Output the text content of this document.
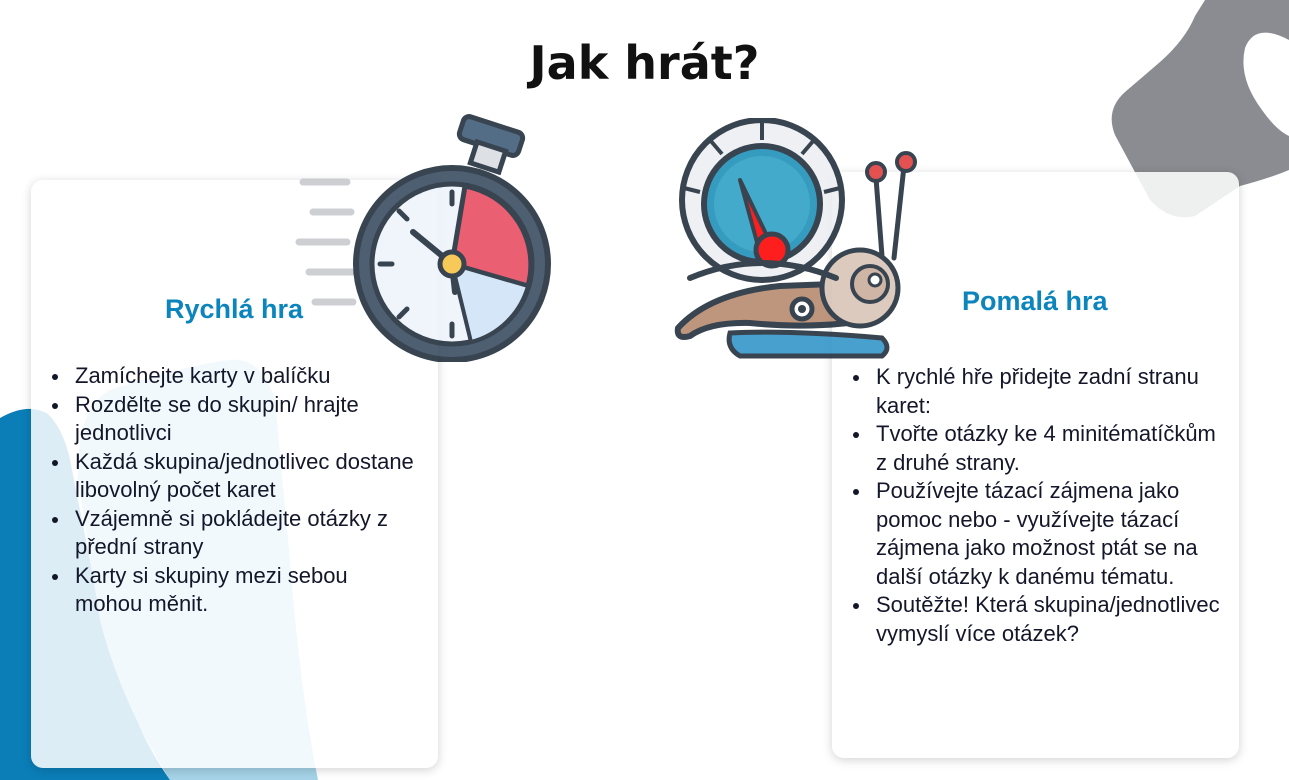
Jak hrát?
Rychlá hra
Zamíchejte karty v balíčku
Rozdělte se do skupin/ hrajte jednotlivci
Každá skupina/jednotlivec dostane libovolný počet karet
Vzájemně si pokládejte otázky z přední strany
Karty si skupiny mezi sebou mohou měnit.
Pomalá hra
K rychlé hře přidejte zadní stranu karet:
Tvořte otázky ke 4 minitématíčkům z druhé strany.
Používejte tázací zájmena jako pomoc nebo - využívejte tázací zájmena jako možnost ptát se na další otázky k danému tématu.
Soutěžte! Která skupina/jednotlivec vymyslí více otázek?
